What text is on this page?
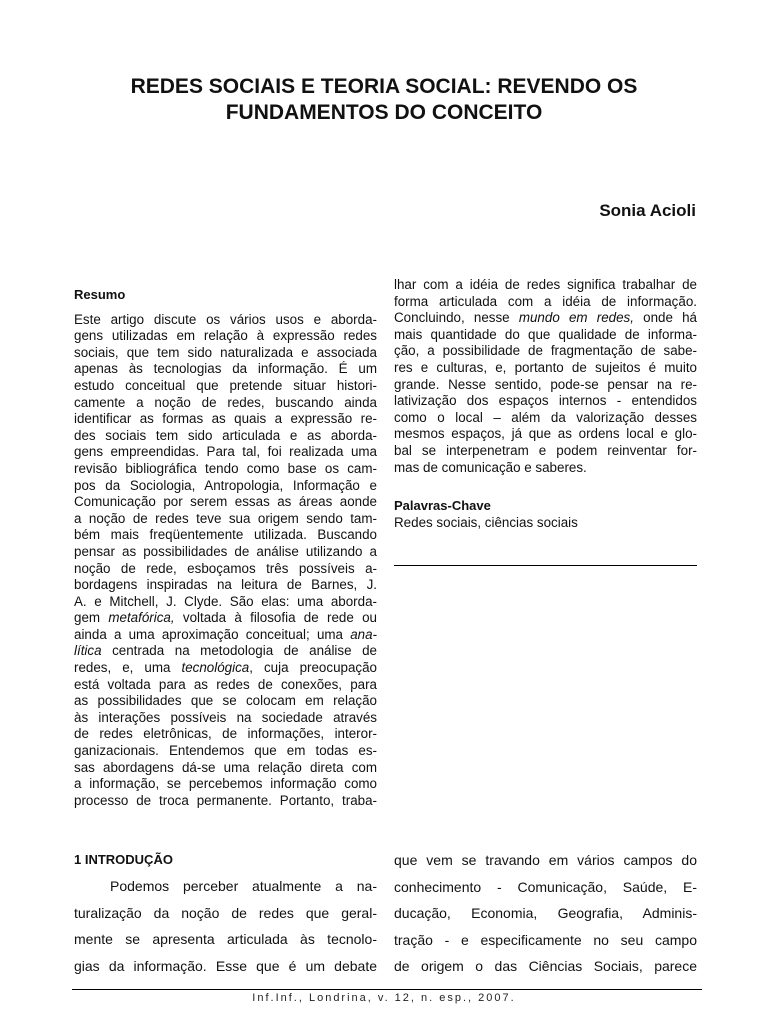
REDES SOCIAIS E TEORIA SOCIAL: REVENDO OS
FUNDAMENTOS DO CONCEITO
Sonia Acioli
Resumo
Este artigo discute os vários usos e aborda-
gens utilizadas em relação à expressão redes
sociais, que tem sido naturalizada e associada
apenas às tecnologias da informação. É um
estudo conceitual que pretende situar histori-
camente a noção de redes, buscando ainda
identificar as formas as quais a expressão re-
des sociais tem sido articulada e as aborda-
gens empreendidas. Para tal, foi realizada uma
revisão bibliográfica tendo como base os cam-
pos da Sociologia, Antropologia, Informação e
Comunicação por serem essas as áreas aonde
a noção de redes teve sua origem sendo tam-
bém mais freqüentemente utilizada. Buscando
pensar as possibilidades de análise utilizando a
noção de rede, esboçamos três possíveis a-
bordagens inspiradas na leitura de Barnes, J.
A. e Mitchell, J. Clyde. São elas: uma aborda-
gem metafórica, voltada à filosofia de rede ou
ainda a uma aproximação conceitual; uma ana-
lítica centrada na metodologia de análise de
redes, e, uma tecnológica, cuja preocupação
está voltada para as redes de conexões, para
as possibilidades que se colocam em relação
às interações possíveis na sociedade através
de redes eletrônicas, de informações, interor-
ganizacionais. Entendemos que em todas es-
sas abordagens dá-se uma relação direta com
a informação, se percebemos informação como
processo de troca permanente. Portanto, traba-
lhar com a idéia de redes significa trabalhar de
forma articulada com a idéia de informação.
Concluindo, nesse mundo em redes, onde há
mais quantidade do que qualidade de informa-
ção, a possibilidade de fragmentação de sabe-
res e culturas, e, portanto de sujeitos é muito
grande. Nesse sentido, pode-se pensar na re-
lativização dos espaços internos - entendidos
como o local – além da valorização desses
mesmos espaços, já que as ordens local e glo-
bal se interpenetram e podem reinventar for-
mas de comunicação e saberes.
Palavras-Chave
Redes sociais, ciências sociais
1 INTRODUÇÃO
Podemos perceber atualmente a na-
turalização da noção de redes que geral-
mente se apresenta articulada às tecnolo-
gias da informação. Esse que é um debate
que vem se travando em vários campos do
conhecimento - Comunicação, Saúde, E-
ducação, Economia, Geografia, Adminis-
tração - e especificamente no seu campo
de origem o das Ciências Sociais, parece
Inf.Inf., Londrina, v. 12, n. esp., 2007.
